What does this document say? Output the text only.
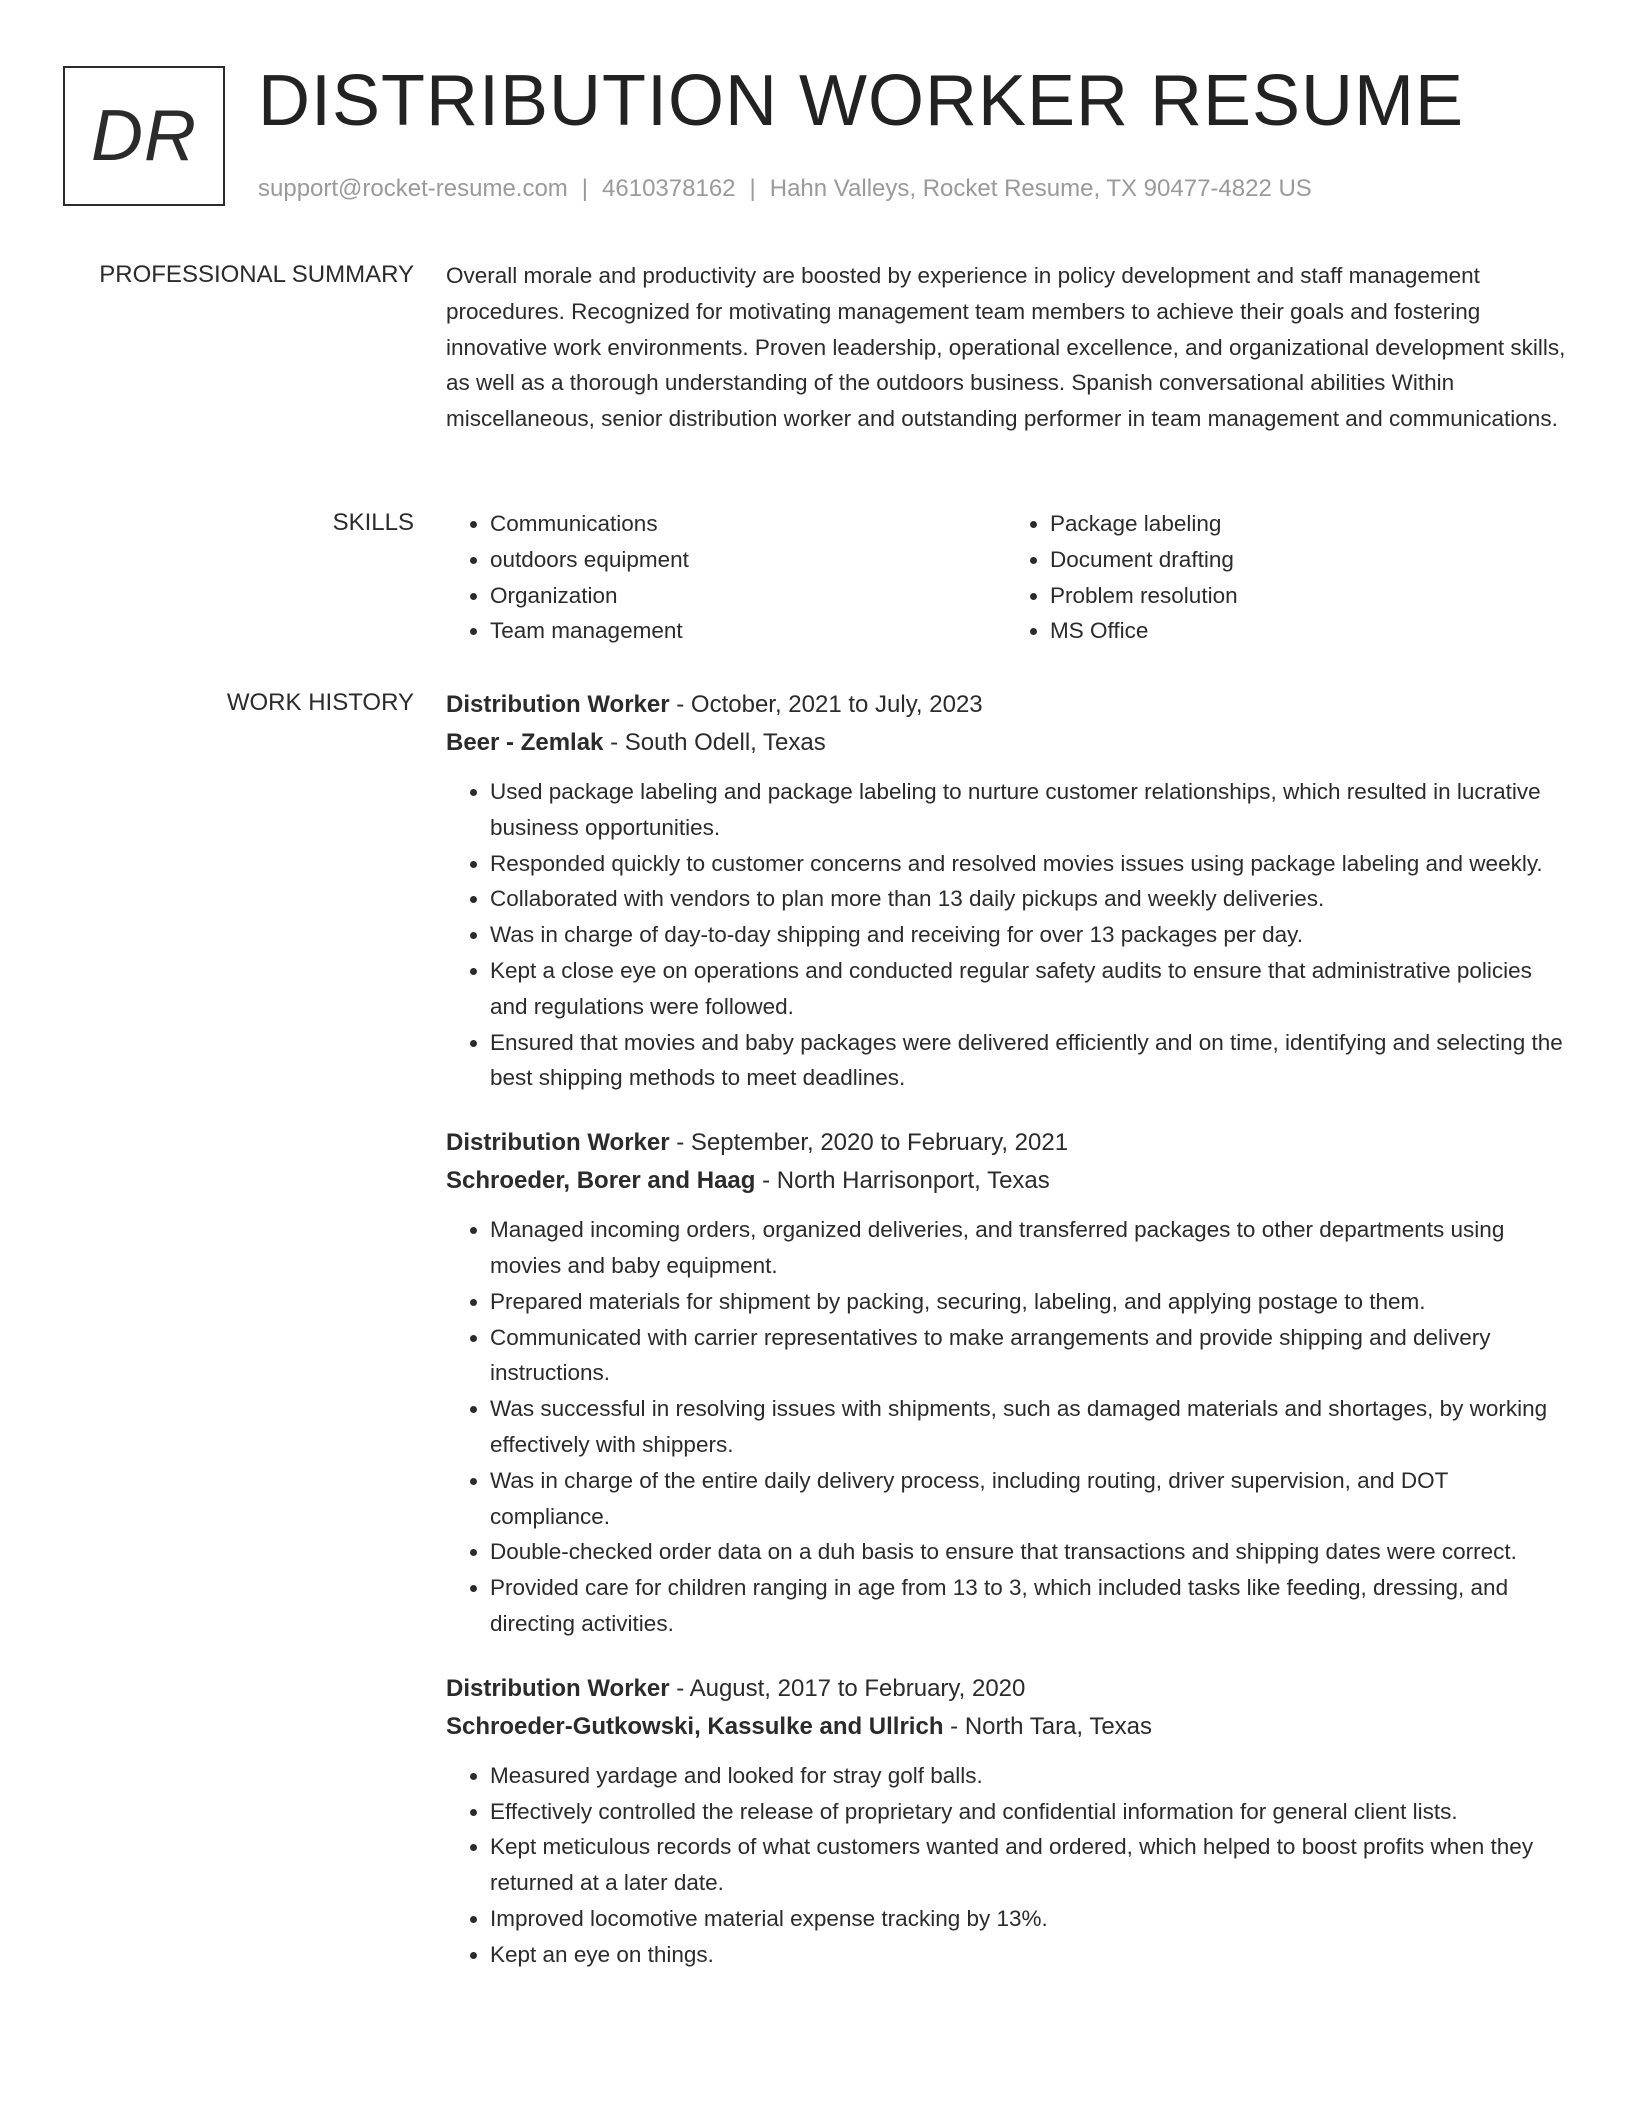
DR DISTRIBUTION WORKER RESUME
support@rocket-resume.com | 4610378162 | Hahn Valleys, Rocket Resume, TX 90477-4822 US
PROFESSIONAL SUMMARY Overall morale and productivity are boosted by experience in policy development and staff management procedures. Recognized for motivating management team members to achieve their goals and fostering innovative work environments. Proven leadership, operational excellence, and organizational development skills, as well as a thorough understanding of the outdoors business. Spanish conversational abilities Within miscellaneous, senior distribution worker and outstanding performer in team management and communications.

SKILLS
•	Communications
• outdoors equipment
• Organization
• Team management
• Package labeling
• Document drafting
• Problem resolution
• MS Office
WORK HISTORY Distribution Worker - October, 2021 to July, 2023
Beer - Zemlak - South Odell, Texas
• Used package labeling and package labeling to nurture customer relationships, which resulted in lucrative business opportunities.
• Responded quickly to customer concerns and resolved movies issues using package labeling and weekly.
• Collaborated with vendors to plan more than 13 daily pickups and weekly deliveries.
• Was in charge of day-to-day shipping and receiving for over 13 packages per day.
• Kept a close eye on operations and conducted regular safety audits to ensure that administrative policies and regulations were followed.
• Ensured that movies and baby packages were delivered efficiently and on time, identifying and selecting the best shipping methods to meet deadlines.
Distribution Worker - September, 2020 to February, 2021
Schroeder, Borer and Haag - North Harrisonport, Texas
• Managed incoming orders, organized deliveries, and transferred packages to other departments using movies and baby equipment.
• Prepared materials for shipment by packing, securing, labeling, and applying postage to them.
• Communicated with carrier representatives to make arrangements and provide shipping and delivery instructions.
• Was successful in resolving issues with shipments, such as damaged materials and shortages, by working effectively with shippers.
• Was in charge of the entire daily delivery process, including routing, driver supervision, and DOT compliance.
• Double-checked order data on a duh basis to ensure that transactions and shipping dates were correct.
• Provided care for children ranging in age from 13 to 3, which included tasks like feeding, dressing, and directing activities.
Distribution Worker - August, 2017 to February, 2020
Schroeder-Gutkowski, Kassulke and Ullrich - North Tara, Texas
• Measured yardage and looked for stray golf balls.
• Effectively controlled the release of proprietary and confidential information for general client lists.
• Kept meticulous records of what customers wanted and ordered, which helped to boost profits when they returned at a later date.
• Improved locomotive material expense tracking by 13%.
• Kept an eye on things.
